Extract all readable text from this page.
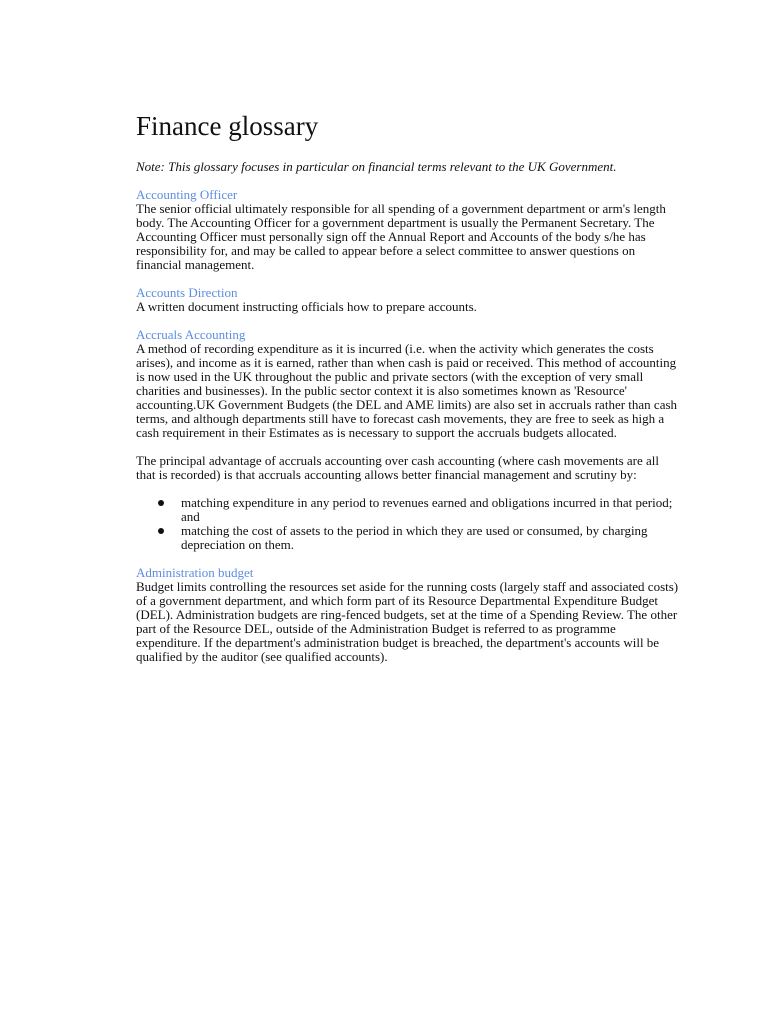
Finance glossary

Note: This glossary focuses in particular on financial terms relevant to the UK Government.

Accounting Officer

The senior official ultimately responsible for all spending of a government department or arm's length body. The Accounting Officer for a government department is usually the Permanent Secretary. The Accounting Officer must personally sign off the Annual Report and Accounts of the body s/he has responsibility for, and may be called to appear before a select committee to answer questions on financial management.

Accounts Direction

A written document instructing officials how to prepare accounts.

Accruals Accounting

A method of recording expenditure as it is incurred (i.e. when the activity which generates the costs arises), and income as it is earned, rather than when cash is paid or received. This method of accounting is now used in the UK throughout the public and private sectors (with the exception of very small charities and businesses). In the public sector context it is also sometimes known as 'Resource' accounting.UK Government Budgets (the DEL and AME limits) are also set in accruals rather than cash terms, and although departments still have to forecast cash movements, they are free to seek as high a cash requirement in their Estimates as is necessary to support the accruals budgets allocated.

The principal advantage of accruals accounting over cash accounting (where cash movements are all that is recorded) is that accruals accounting allows better financial management and scrutiny by:

matching expenditure in any period to revenues earned and obligations incurred in that period; and
matching the cost of assets to the period in which they are used or consumed, by charging depreciation on them.
Administration budget

Budget limits controlling the resources set aside for the running costs (largely staff and associated costs) of a government department, and which form part of its Resource Departmental Expenditure Budget (DEL). Administration budgets are ring-fenced budgets, set at the time of a Spending Review. The other part of the Resource DEL, outside of the Administration Budget is referred to as programme expenditure. If the department's administration budget is breached, the department's accounts will be qualified by the auditor (see qualified accounts).
